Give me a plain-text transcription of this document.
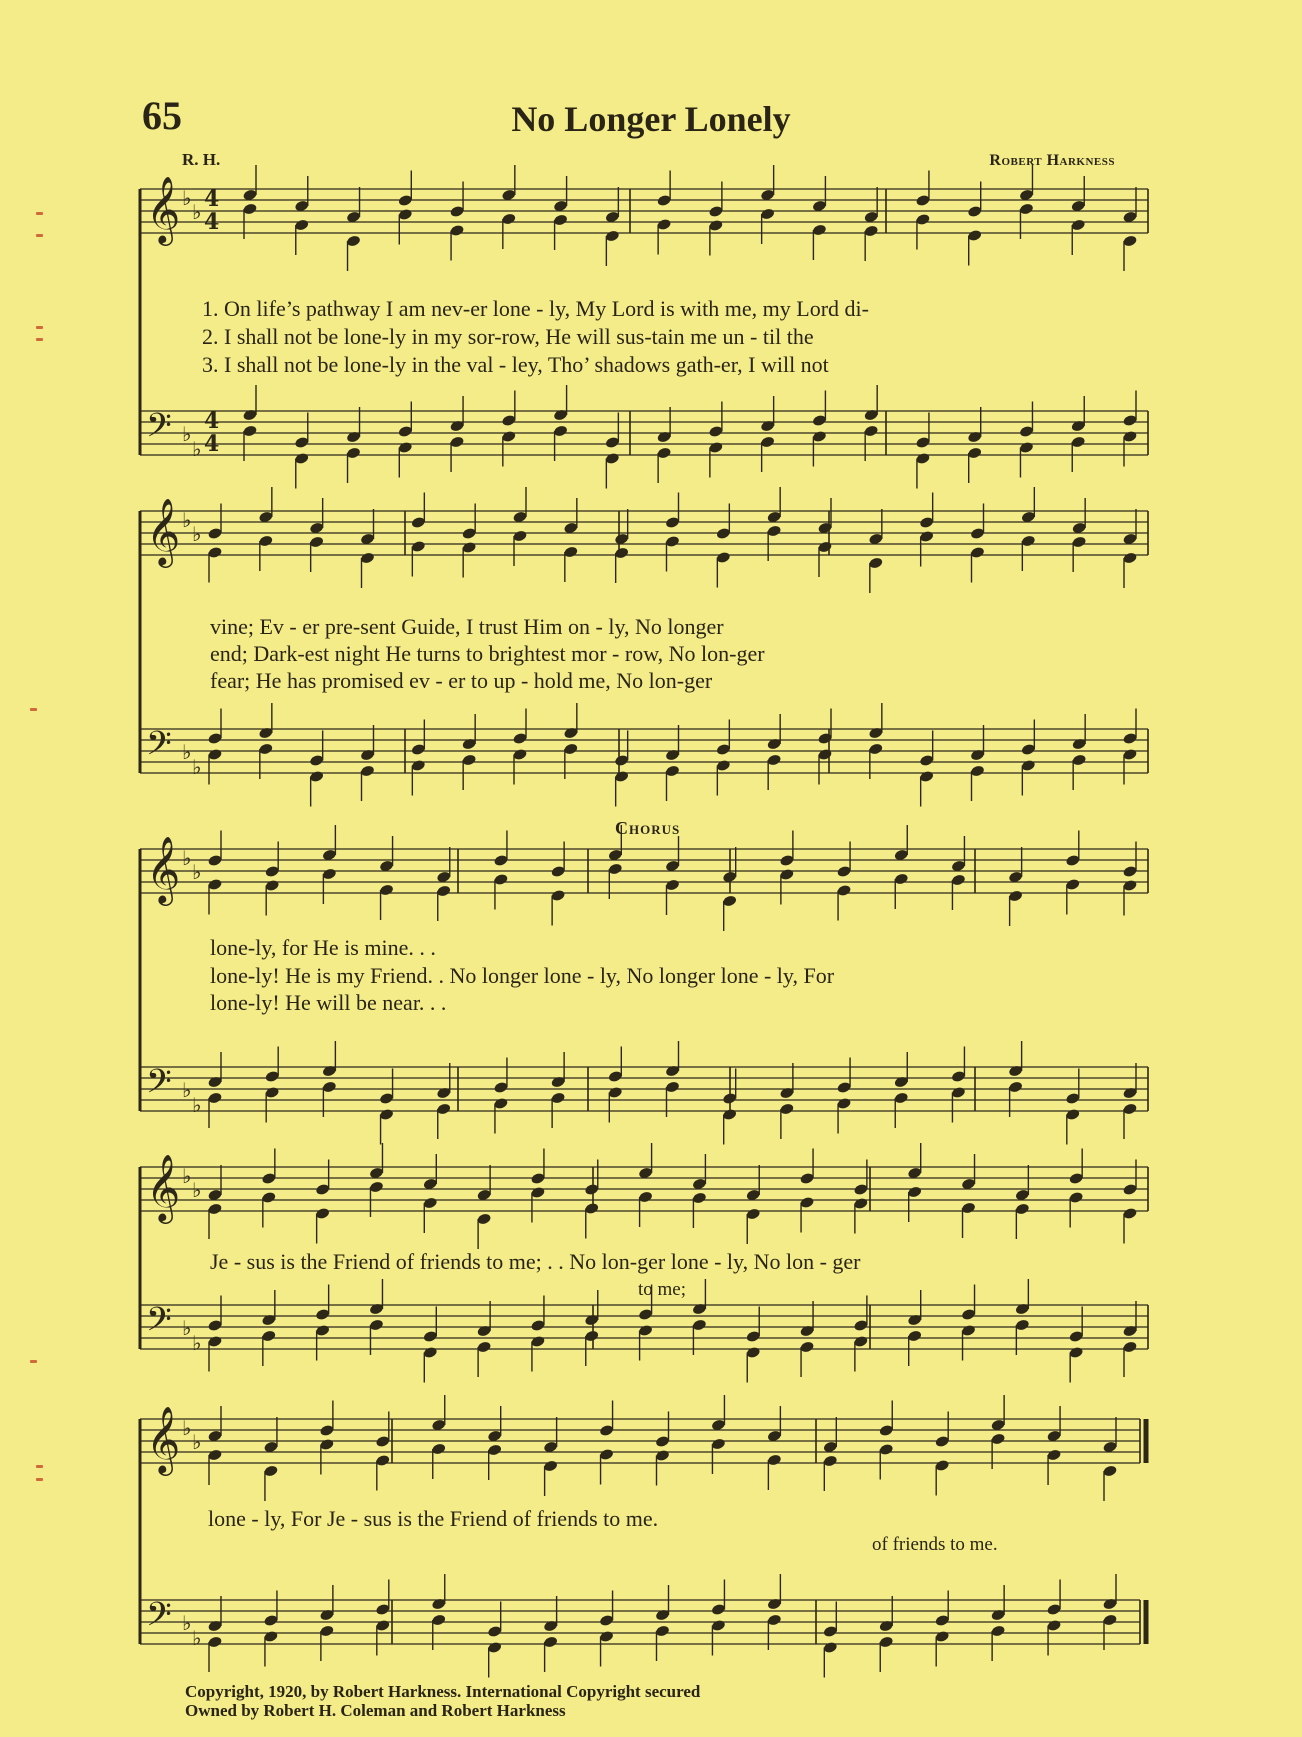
65	No Longer Lonely
R. H.	Robert Harkness
𝄞 ♭
♭
𝄢 ♭
♭
𝄞 ♭
♭
𝄢 ♭
♭
𝄞 ♭
♭
𝄢 ♭
♭
𝄞 ♭
♭
𝄢 ♭
♭
𝄞 ♭
♭
𝄢 ♭
♭
4
4
4
4
1. On life’s pathway I am nev-er lone - ly, My Lord is with me, my Lord di-
2. I shall not be lone-ly in my sor-row, He will sus-tain me un - til the
3. I shall not be lone-ly in the val - ley, Tho’ shadows gath-er, I will not
vine; Ev - er pre-sent Guide, I trust Him on - ly, No longer
end; Dark-est night He turns to brightest mor - row, No lon-ger
fear; He has promised ev - er to up - hold me, No lon-ger
Chorus
lone-ly, for He is mine. . .
lone-ly! He is my Friend. . No longer lone - ly, No longer lone - ly, For
lone-ly! He will be near. . .
Je - sus is the Friend of friends to me; . . No lon-ger lone - ly, No lon - ger
to me;
lone - ly, For Je - sus is the Friend of friends to me.
of friends to me.
Copyright, 1920, by Robert Harkness. International Copyright secured
Owned by Robert H. Coleman and Robert Harkness
